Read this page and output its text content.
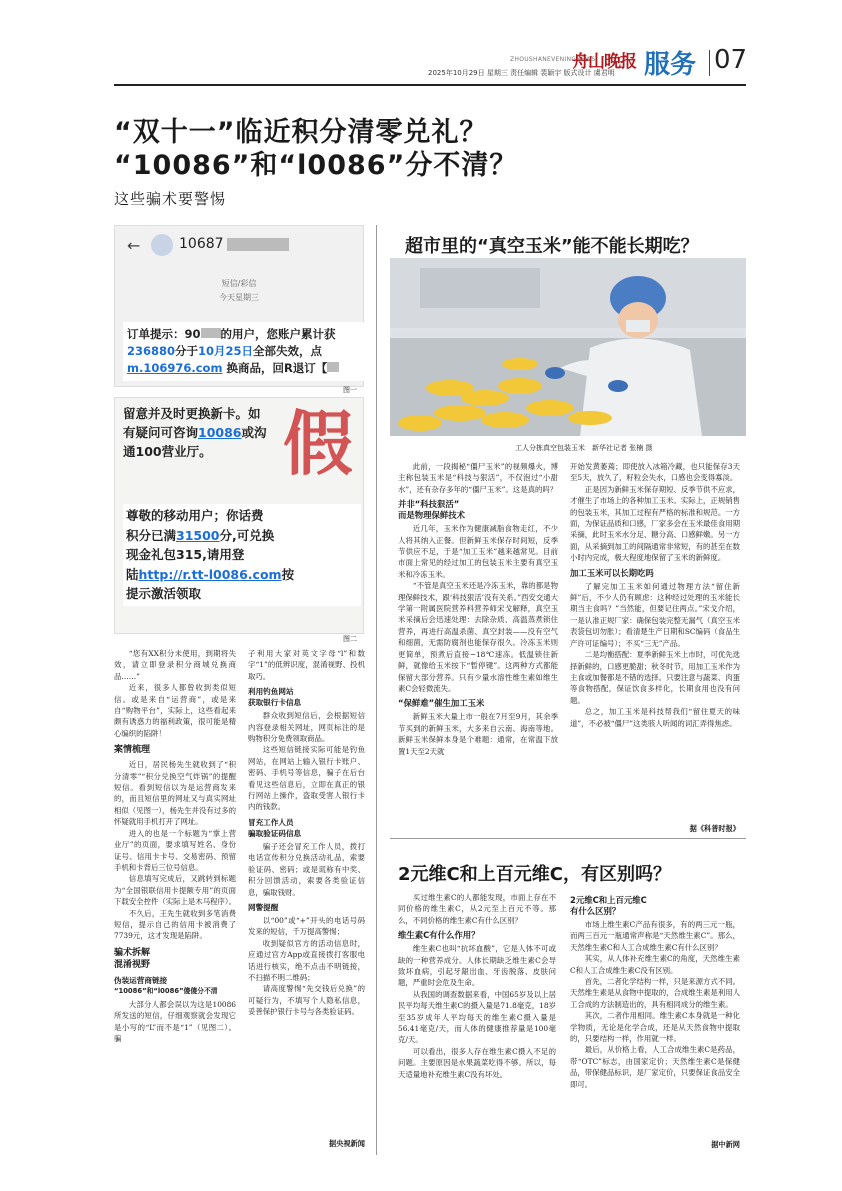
ZHOUSHANEVENINGNEWS
舟山晚报 服务 07
2025年10月29日 星期三 责任编辑 裴颖宇 版式设计 虞君明
“双十一”临近积分清零兑礼？
“10086”和“l0086”分不清？
这些骗术要警惕
←	10687
短信/彩信
今天星期三
订单提示：90 的用户，您账户累计获
236880分于10月25日全部失效，点
m.106976.com 换商品，回R退订【
图一
留意并及时更换新卡。如
有疑问可咨询10086或沟
通100营业厅。	假
尊敬的移动用户；你话费
积分已满31500分,可兑换
现金礼包315,请用登
陆http://r.tt-l0086.com按
提示激活领取
图二

“您有XX积分未使用，到期将失效，请立即登录积分商城兑换商品……”

近来，很多人都曾收到类似短信。或是来自“运营商”，或是来自“购物平台”，实际上，这些看起来颇有诱惑力的福利政策，很可能是精心编织的陷阱！

案情梳理

近日，居民杨先生就收到了“积分清零”“积分兑换空气炸锅”的提醒短信。看到短信以为是运营商发来的，而且短信里的网址又与真实网址相似（见图一），杨先生并没有过多的怀疑就用手机打开了网址。

进入的也是一个标题为“掌上营业厅”的页面，要求填写姓名、身份证号、信用卡卡号、交易密码、预留手机和卡背后三位号信息。

信息填写完成后，又跳转到标题为“全国银联信用卡提额专用”的页面下载安全控件（实际上是木马程序）。

不久后，王先生就收到多笔消费短信，提示自己的信用卡被消费了7739元，这才发现是陷阱。

骗术拆解
混淆视野
伪装运营商链接
“10086”和“l0086”傻傻分不清

大部分人都会误以为这是10086所发送的短信，仔细观察就会发现它是小写的“L”而不是“1”（见图二）。骗

子利用大家对英文字母“l”和数字“1”的低辨识度，混淆视野、投机取巧。

利用钓鱼网站
获取银行卡信息

群众收到短信后，会根据短信内容登录相关网址，网页标注的是购物积分免费领取商品。

这些短信链接实际可能是钓鱼网站，在网站上输入银行卡账户、密码、手机号等信息，骗子在后台看见这些信息后，立即在真正的银行网站上操作，盗取受害人银行卡内的钱款。

冒充工作人员
骗取验证码信息

骗子还会冒充工作人员，拨打电话宣传积分兑换活动礼品，索要验证码、密码；或是谎称有中奖、积分回馈活动，索要各类验证信息，骗取钱财。

网警提醒

以“00”或“+”开头的电话号码发来的短信，千万提高警惕；

收到疑似官方的活动信息时，应通过官方App或直接拨打客服电话进行核实，绝不点击不明链接，不扫描不明二维码；

请高度警惕“先交钱后兑换”的可疑行为，不填写个人隐私信息，妥善保护银行卡号与各类验证码。

据央视新闻
超市里的“真空玉米”能不能长期吃？
工人分拣真空包装玉米　新华社记者 张楠 摄

此前，一段揭秘“僵尸玉米”的视频爆火，博主称包装玉米是“科技与狠活”，不仅泡过“小甜水”，还有杂存多年的“僵尸玉米”。这是真的吗？

并非“科技狠活”
而是物理保鲜技术

近几年，玉米作为健康减脂食物走红，不少人将其纳入正餐。但新鲜玉米保存时间短，反季节供应不足，于是“加工玉米”越来越常见。目前市面上常见的经过加工的包装玉米主要有真空玉米和冷冻玉米。

“不管是真空玉米还是冷冻玉米，靠的都是物理保鲜技术，跟‘科技狠活’没有关系。”西安交通大学第一附属医院营养科营养师宋戈解释，真空玉米采摘后会迅速处理：去除杂质、高温蒸煮锁住营养，再进行高温杀菌、真空封装——没有空气和细菌，无需防腐剂也能保存很久。冷冻玉米则更简单，预煮后直接−18℃速冻。低温锁住新鲜，就像给玉米按下“暂停键”。这两种方式都能保留大部分营养。只有少量水溶性维生素如维生素C会轻微流失。

“保鲜难”催生加工玉米

新鲜玉米大量上市一般在7月至9月，其余季节买到的新鲜玉米，大多来自云南、海南等地。新鲜玉米保鲜本身是个难题：通常，在常温下放置1天至2天就

开始发黄萎蔫；即使放入冰箱冷藏，也只能保存3天至5天，放久了，籽粒会失水，口感也会变得寡淡。

正是因为新鲜玉米保存期短、反季节供不应求，才催生了市场上的各种加工玉米。实际上，正规销售的包装玉米，其加工过程有严格的标准和规范。一方面，为保证品质和口感，厂家多会在玉米最佳食用期采摘，此时玉米水分足、糖分高、口感鲜嫩。另一方面，从采摘到加工的间隔通常非常短，有的甚至在数小时内完成，极大程度地保留了玉米的新鲜度。

加工玉米可以长期吃吗

了解完加工玉米如何通过物理方法“留住新鲜”后，不少人仍有顾虑：这种经过处理的玉米能长期当主食吗？”当然能，但要记住两点。”宋戈介绍，一是认准正规厂家：确保包装完整无漏气（真空玉米表袋包切勿胀）；看清楚生产日期和SC编码（食品生产许可证编号）；不买“三无”产品。

二是均衡搭配：夏季新鲜玉米上市时，可优先选择新鲜的，口感更脆甜；秋冬时节，用加工玉米作为主食或加餐都是不错的选择。只要注意与蔬菜、肉蛋等食物搭配，保证饮食多样化，长期食用也没有问题。

总之，加工玉米是科技帮我们“留住夏天的味道”，不必被“僵尸”这类骇人听闻的词汇弄得焦虑。

据《科普时报》
2元维C和上百元维C，有区别吗？

买过维生素C的人都能发现，市面上存在不同价格的维生素C，从2元至上百元不等。那么，不同价格的维生素C有什么区别？

维生素C有什么作用？

维生素C也叫“抗坏血酸”，它是人体不可或缺的一种营养成分。人体长期缺乏维生素C会导致坏血病，引起牙龈出血、牙齿脱落、皮肤问题，严重时会危及生命。

从我国的调查数据来看，中国65岁及以上居民平均每天维生素C的摄入量是71.8毫克，18岁至35岁成年人平均每天的维生素C摄入量是56.41毫克/天，而人体的健康推荐量是100毫克/天。

可以看出，很多人存在维生素C摄入不足的问题。主要原因是水果蔬菜吃得不够。所以，每天适量地补充维生素C没有坏处。

2元维C和上百元维C
有什么区别？

市场上维生素C产品有很多，有的两三元一瓶，而两三百元一瓶通常声称是“天然维生素C”。那么，天然维生素C和人工合成维生素C有什么区别？

其实，从人体补充维生素C的角度，天然维生素C和人工合成维生素C没有区别。

首先，二者化学结构一样，只是来源方式不同。天然维生素是从食物中提取的，合成维生素是利用人工合成的方法制造出的，具有相同成分的维生素。

其次，二者作用相同。维生素C本身就是一种化学物质，无论是化学合成，还是从天然食物中提取的，只要结构一样，作用就一样。

最后，从价格上看，人工合成维生素C是药品，带“OTC”标志，由国家定价；天然维生素C是保健品，带保健品标识，是厂家定价，只要保证食品安全即可。

据中新网
